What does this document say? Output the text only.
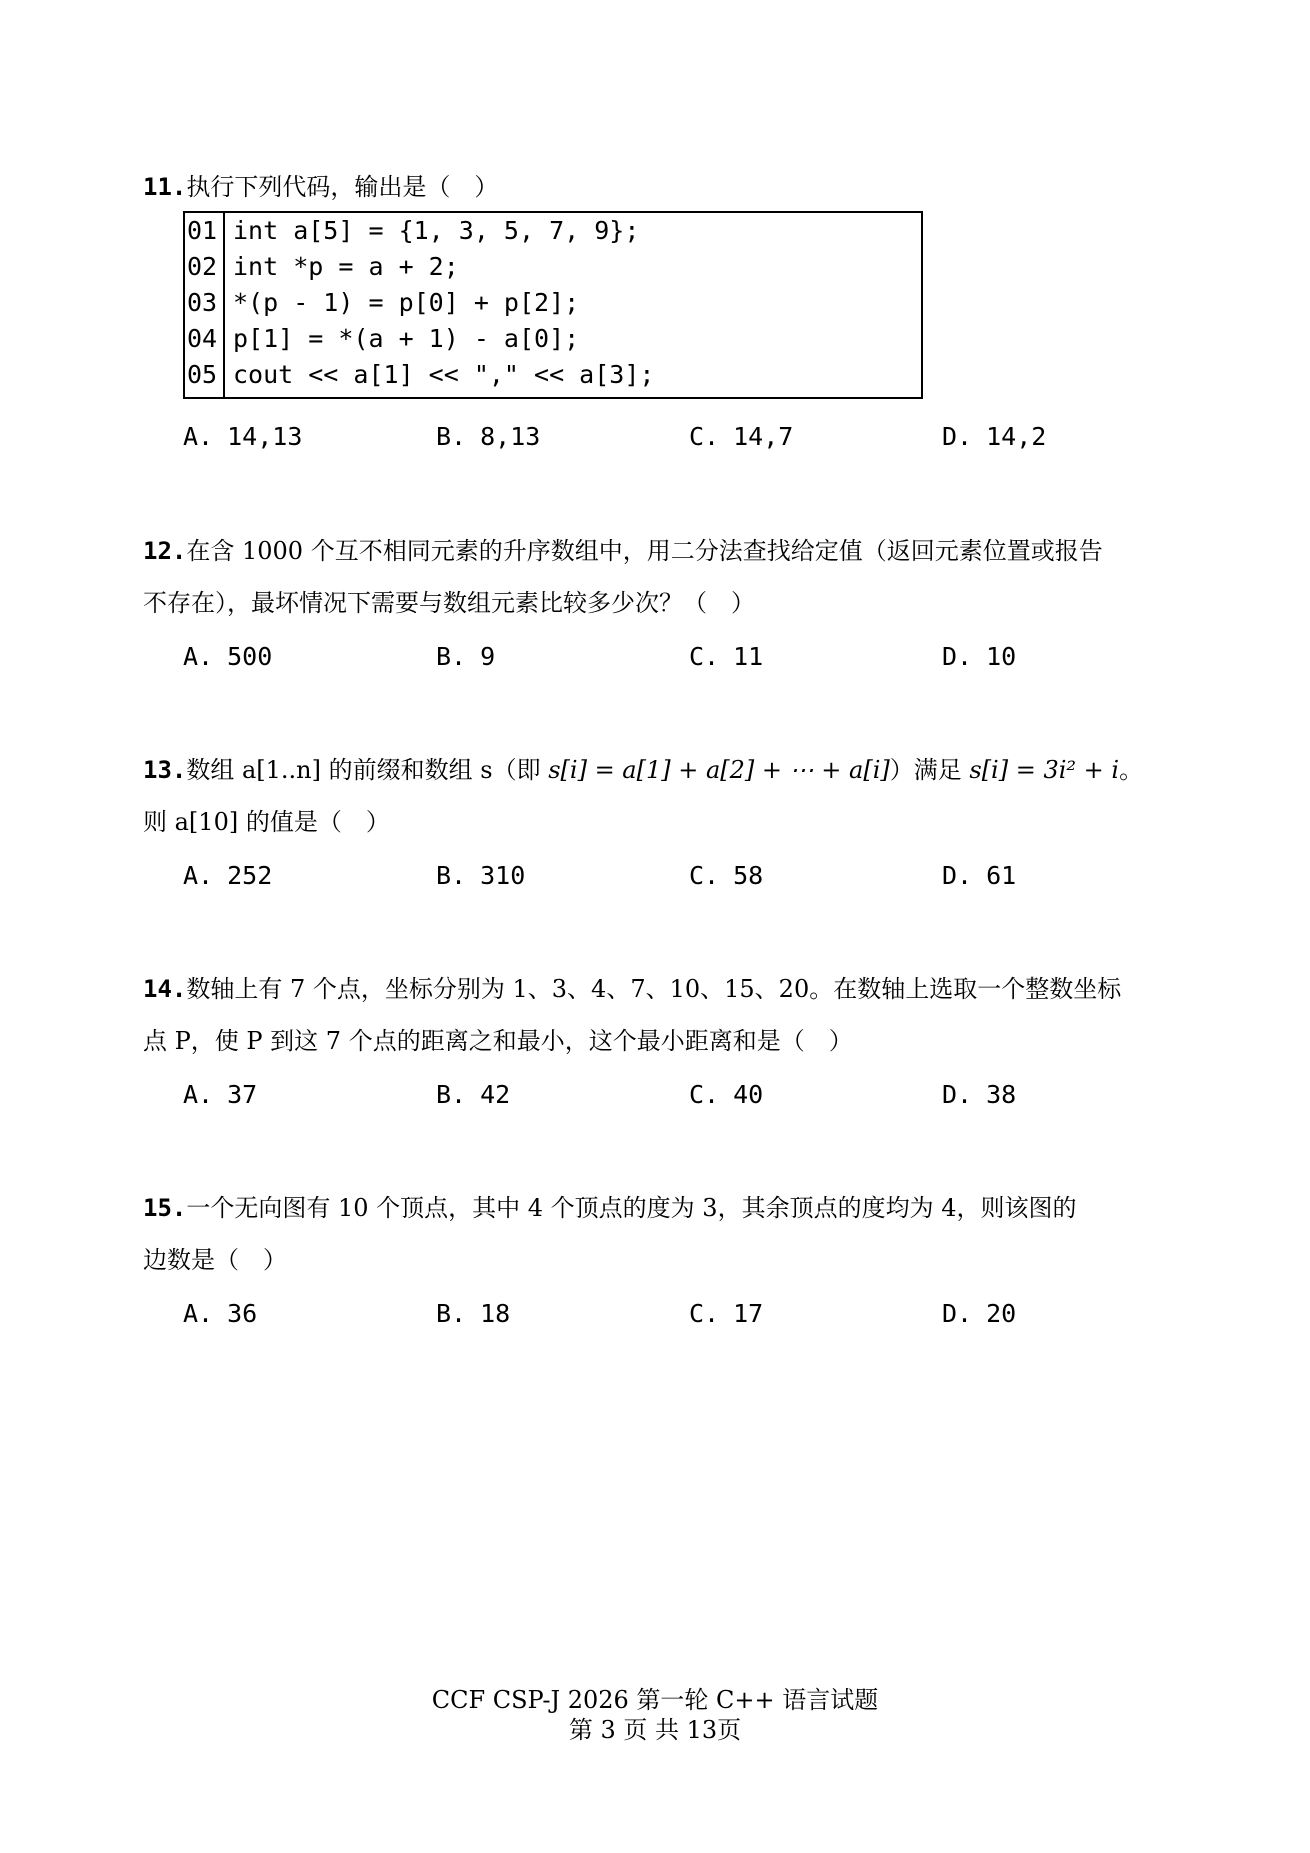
11.执行下列代码，输出是（　）
01 int a[5] = {1, 3, 5, 7, 9};
02 int *p = a + 2;
03 *(p - 1) = p[0] + p[2];
04 p[1] = *(a + 1) - a[0];
05 cout << a[1] << "," << a[3];
A. 14,13	B. 8,13	C. 14,7	D. 14,2
12.在含 1000 个互不相同元素的升序数组中，用二分法查找给定值（返回元素位置或报告
不存在），最坏情况下需要与数组元素比较多少次？（　）
A. 500	B. 9	C. 11	D. 10
13.数组 a[1..n] 的前缀和数组 s（即 s[i] = a[1] + a[2] + ⋯ + a[i]）满足 s[i] = 3i² + i。
则 a[10] 的值是（　）
A. 252	B. 310	C. 58	D. 61
14.数轴上有 7 个点，坐标分别为 1、3、4、7、10、15、20。在数轴上选取一个整数坐标
点 P，使 P 到这 7 个点的距离之和最小，这个最小距离和是（　）
A. 37	B. 42	C. 40	D. 38
15.一个无向图有 10 个顶点，其中 4 个顶点的度为 3，其余顶点的度均为 4，则该图的
边数是（　）
A. 36	B. 18	C. 17	D. 20
CCF CSP-J 2026 第一轮 C++ 语言试题
第 3 页 共 13页
